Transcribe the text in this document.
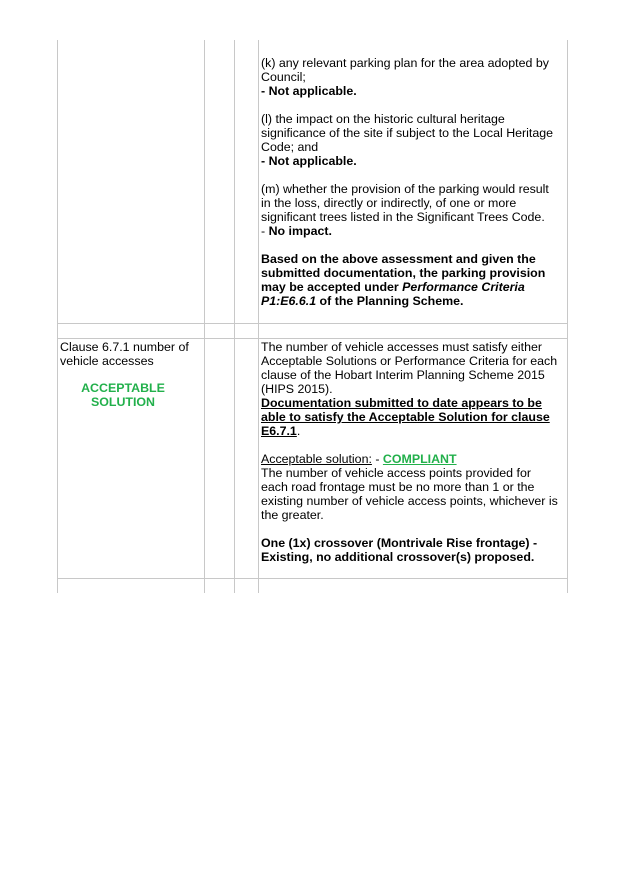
(k) any relevant parking plan for the area adopted by Council;
- Not applicable.

(l) the impact on the historic cultural heritage significance of the site if subject to the Local Heritage Code; and
- Not applicable.

(m) whether the provision of the parking would result in the loss, directly or indirectly, of one or more significant trees listed in the Significant Trees Code.
- No impact.

Based on the above assessment and given the submitted documentation, the parking provision may be accepted under Performance Criteria P1:E6.6.1 of the Planning Scheme.

Clause 6.7.1 number of vehicle accesses

ACCEPTABLE SOLUTION

The number of vehicle accesses must satisfy either Acceptable Solutions or Performance Criteria for each clause of the Hobart Interim Planning Scheme 2015 (HIPS 2015).
Documentation submitted to date appears to be able to satisfy the Acceptable Solution for clause E6.7.1.

Acceptable solution: - COMPLIANT
The number of vehicle access points provided for each road frontage must be no more than 1 or the existing number of vehicle access points, whichever is the greater.

One (1x) crossover (Montrivale Rise frontage) - Existing, no additional crossover(s) proposed.
